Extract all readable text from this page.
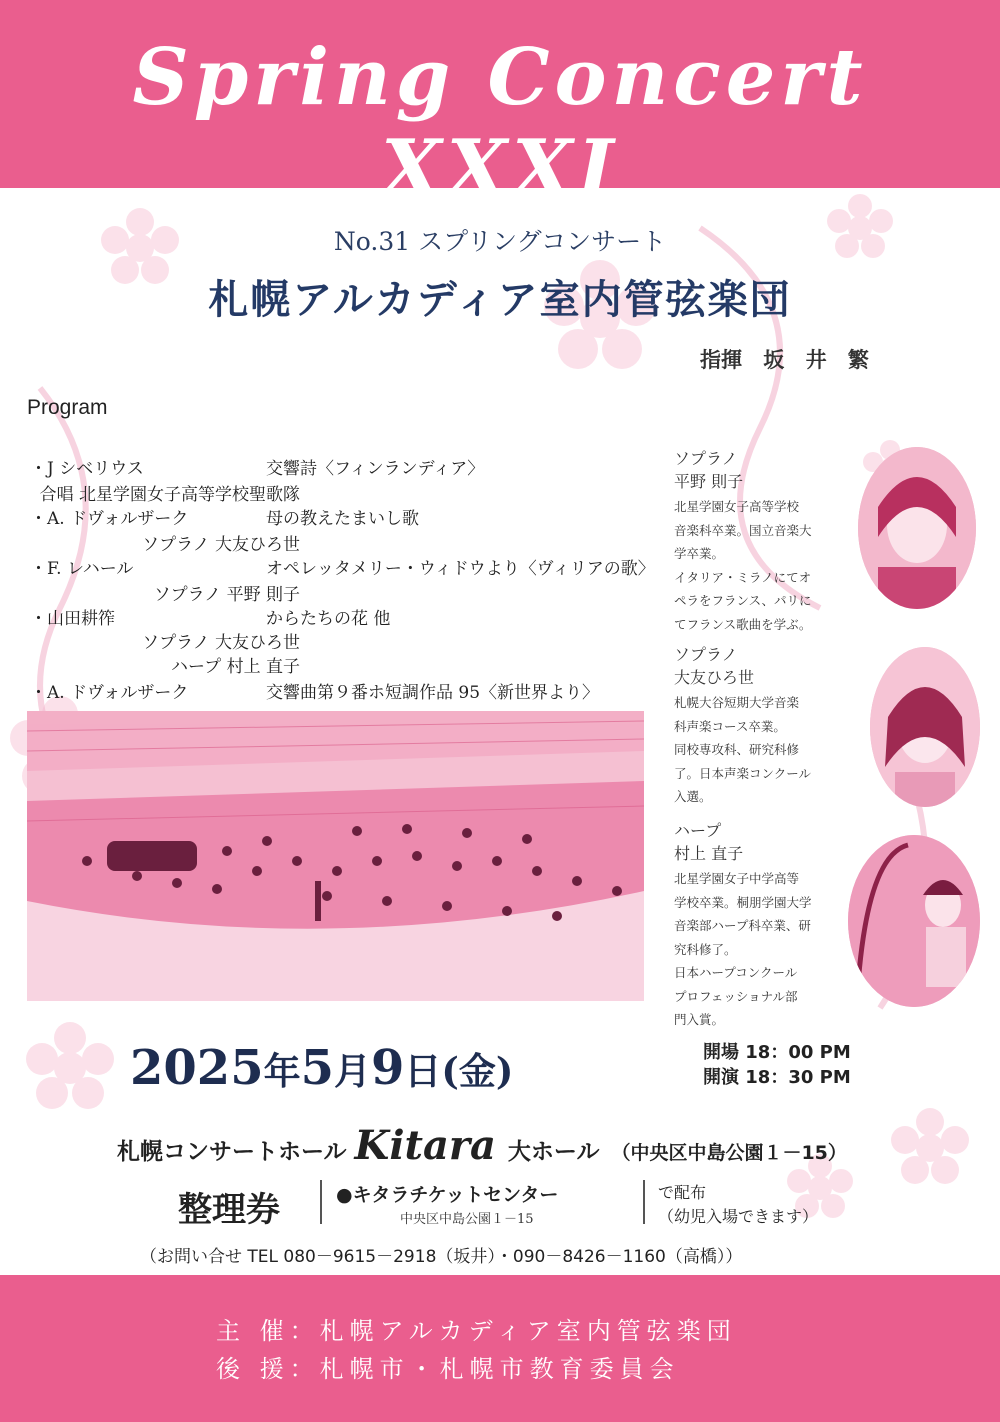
Spring Concert XXXI
No.31 スプリングコンサート
札幌アルカディア室内管弦楽団
指揮 坂 井 繁
Program
・J シベリウス	交響詩〈フィンランディア〉
合唱 北星学園女子高等学校聖歌隊
・A. ドヴォルザーク	母の教えたまいし歌
ソプラノ 大友ひろ世
・F. レハール	オペレッタメリー・ウィドウより〈ヴィリアの歌〉
ソプラノ 平野 則子
・山田耕筰	からたちの花 他
ソプラノ 大友ひろ世
ハープ 村上 直子
・A. ドヴォルザーク	交響曲第９番ホ短調作品 95〈新世界より〉
ソプラノ
平野 則子
北星学園女子高等学校
音楽科卒業。国立音楽大
学卒業。
イタリア・ミラノにてオ
ペラをフランス、パリに
てフランス歌曲を学ぶ。
ソプラノ
大友ひろ世
札幌大谷短期大学音楽
科声楽コース卒業。
同校専攻科、研究科修
了。日本声楽コンクール
入選。
ハープ
村上 直子
北星学園女子中学高等
学校卒業。桐朋学園大学
音楽部ハープ科卒業、研
究科修了。
日本ハープコンクール
プロフェッショナル部
門入賞。
2025年5月9日(金)	開場 18：00 PM
開演 18：30 PM
札幌コンサートホール Kitara 大ホール （中央区中島公園１－15）
整理券	●キタラチケットセンター
中央区中島公園１－15
で配布
（幼児入場できます）
（お問い合せ TEL 080－9615－2918（坂井）・090－8426－1160（高橋））
主 催：札幌アルカディア室内管弦楽団
後 援：札幌市・札幌市教育委員会
